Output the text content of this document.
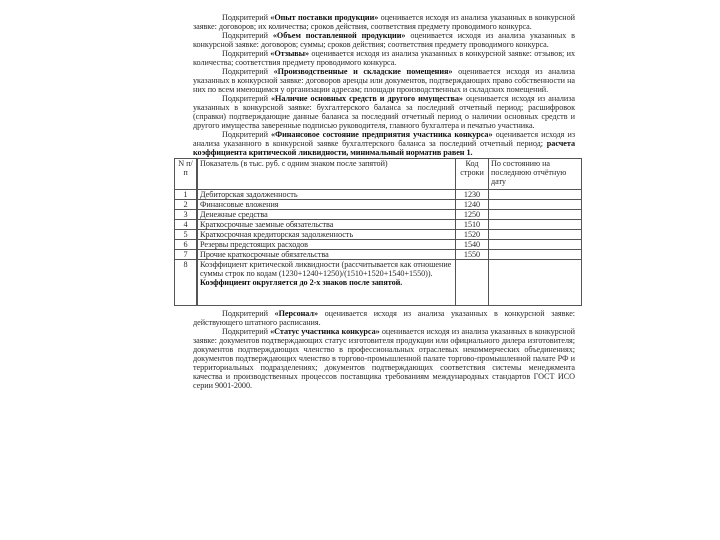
Подкритерий «Опыт поставки продукции» оценивается исходя из анализа указанных в конкурсной заявке: договоров; их количества; сроков действия, соответствия предмету проводимого конкурса.

Подкритерий «Объем поставленной продукции» оценивается исходя из анализа указанных в конкурсной заявке: договоров; суммы; сроков действия; соответствия предмету проводимого конкурса.

Подкритерий «Отзывы» оценивается исходя из анализа указанных в конкурсной заявке: отзывов; их количества; соответствия предмету проводимого конкурса.

Подкритерий «Производственные и складские помещения» оценивается исходя из анализа указанных в конкурсной заявке: договоров аренды или документов, подтверждающих право собственности на них по всем имеющимся у организации адресам; площади производственных и складских помещений.

Подкритерий «Наличие основных средств и другого имущества» оценивается исходя из анализа указанных в конкурсной заявке: бухгалтерского баланса за последний отчетный период; расшифровок (справки) подтверждающие данные баланса за последний отчетный период о наличии основных средств и другого имущества заверенные подписью руководителя, главного бухгалтера и печатью участника.

Подкритерий «Финансовое состояние предприятия участника конкурса» оценивается исходя из анализа указанного в конкурсной заявке бухгалтерского баланса за последний отчетный период; расчета коэффициента критической ликвидности, минимальный норматив равен 1.

N п/п	Показатель (в тыс. руб. с одним знаком после запятой)	Код строки	По состоянию на последнюю отчётную дату
1	Дебиторская задолженность	1230	
2	Финансовые вложения	1240	
3	Денежные средства	1250	
4	Краткосрочные заемные обязательства	1510	
5	Краткосрочная кредиторская задолженность	1520	
6	Резервы предстоящих расходов	1540	
7	Прочие краткосрочные обязательства	1550	
8	Коэффициент критической ликвидности (рассчитывается как отношение суммы строк по кодам (1230+1240+1250)/(1510+1520+1540+1550)).
Коэффициент округляется до 2-х знаков после запятой.		

Подкритерий «Персонал» оценивается исходя из анализа указанных в конкурсной заявке: действующего штатного расписания.

Подкритерий «Статус участника конкурса» оценивается исходя из анализа указанных в конкурсной заявке: документов подтверждающих статус изготовителя продукции или официального дилера изготовителя; документов подтверждающих членство в профессиональных отраслевых некоммерческих объединениях; документов подтверждающих членство в торгово-промышленной палате торгово-промышленной палате РФ и территориальных подразделениях; документов подтверждающих соответствия системы менеджмента качества и производственных процессов поставщика требованиям международных стандартов ГОСТ ИСО серии 9001-2000.
